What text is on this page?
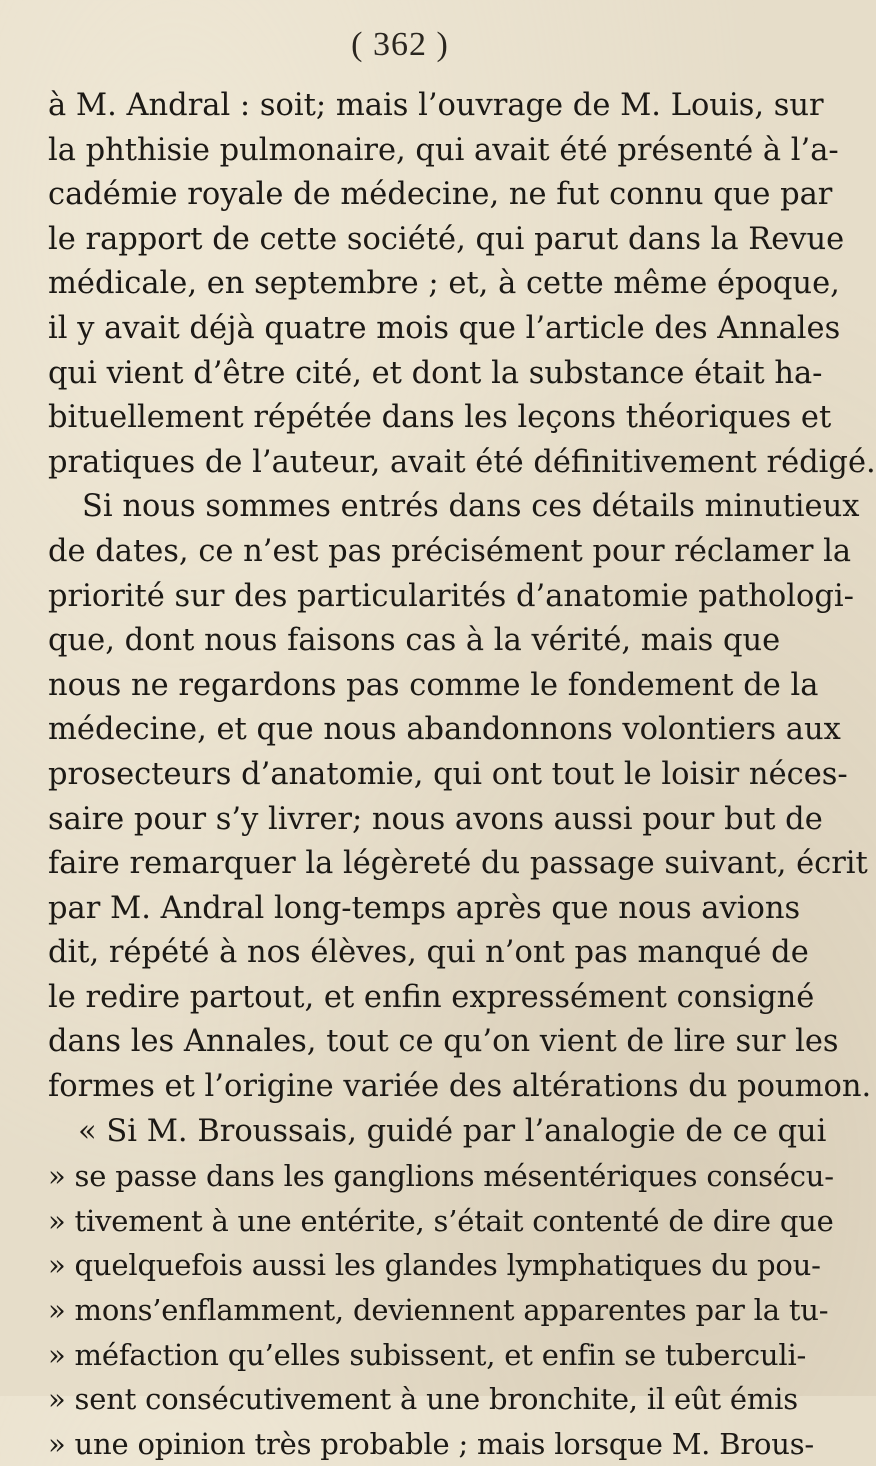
( 362 )
à M. Andral : soit; mais l’ouvrage de M. Louis, sur
la phthisie pulmonaire, qui avait été présenté à l’a-
cadémie royale de médecine, ne fut connu que par
le rapport de cette société, qui parut dans la Revue
médicale, en septembre ; et, à cette même époque,
il y avait déjà quatre mois que l’article des Annales
qui vient d’être cité, et dont la substance était ha-
bituellement répétée dans les leçons théoriques et
pratiques de l’auteur, avait été définitivement rédigé.
Si nous sommes entrés dans ces détails minutieux
de dates, ce n’est pas précisément pour réclamer la
priorité sur des particularités d’anatomie pathologi-
que, dont nous faisons cas à la vérité, mais que
nous ne regardons pas comme le fondement de la
médecine, et que nous abandonnons volontiers aux
prosecteurs d’anatomie, qui ont tout le loisir néces-
saire pour s’y livrer; nous avons aussi pour but de
faire remarquer la légèreté du passage suivant, écrit
par M. Andral long-temps après que nous avions
dit, répété à nos élèves, qui n’ont pas manqué de
le redire partout, et enfin expressément consigné
dans les Annales, tout ce qu’on vient de lire sur les
formes et l’origine variée des altérations du poumon.
« Si M. Broussais, guidé par l’analogie de ce qui
» se passe dans les ganglions mésentériques consécu-
» tivement à une entérite, s’était contenté de dire que
» quelquefois aussi les glandes lymphatiques du pou-
» mons’enflamment, deviennent apparentes par la tu-
» méfaction qu’elles subissent, et enfin se tuberculi-
» sent consécutivement à une bronchite, il eût émis
» une opinion très probable ; mais lorsque M. Brous-
